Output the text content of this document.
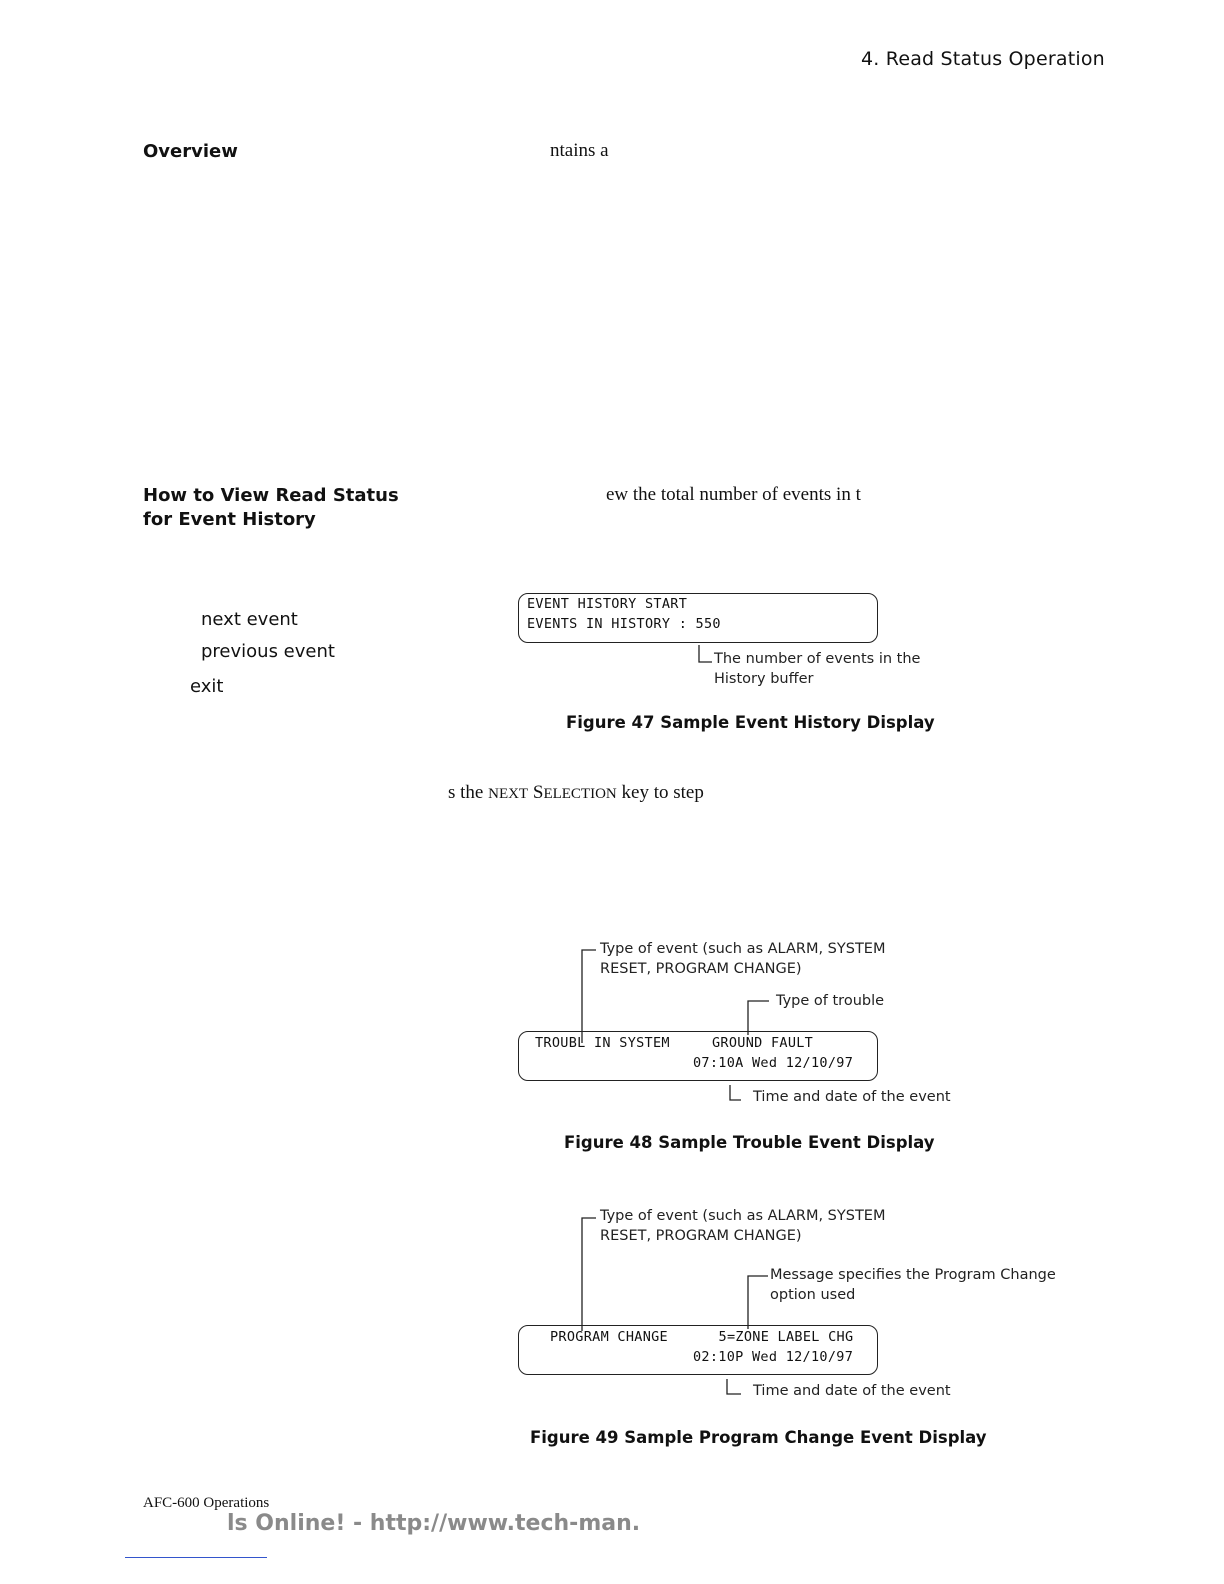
4. Read Status Operation
Overview	ntains a
How to View Read Status
for Event History
ew the total number of events in t
next event
previous event
exit
s the NEXT SELECTION key to step
EVENT HISTORY START
EVENTS IN HISTORY : 550
The number of events in the
History buffer
Figure 47 Sample Event History Display
Type of event (such as ALARM, SYSTEM
RESET, PROGRAM CHANGE)
Type of trouble
TROUBL IN SYSTEM     GROUND FAULT
07:10A Wed 12/10/97
Time and date of the event
Figure 48 Sample Trouble Event Display
Type of event (such as ALARM, SYSTEM
RESET, PROGRAM CHANGE)
Message specifies the Program Change
option used
PROGRAM CHANGE      5=ZONE LABEL CHG
02:10P Wed 12/10/97
Time and date of the event
Figure 49 Sample Program Change Event Display
AFC-600 Operations
ls Online! - http://www.tech-man.
